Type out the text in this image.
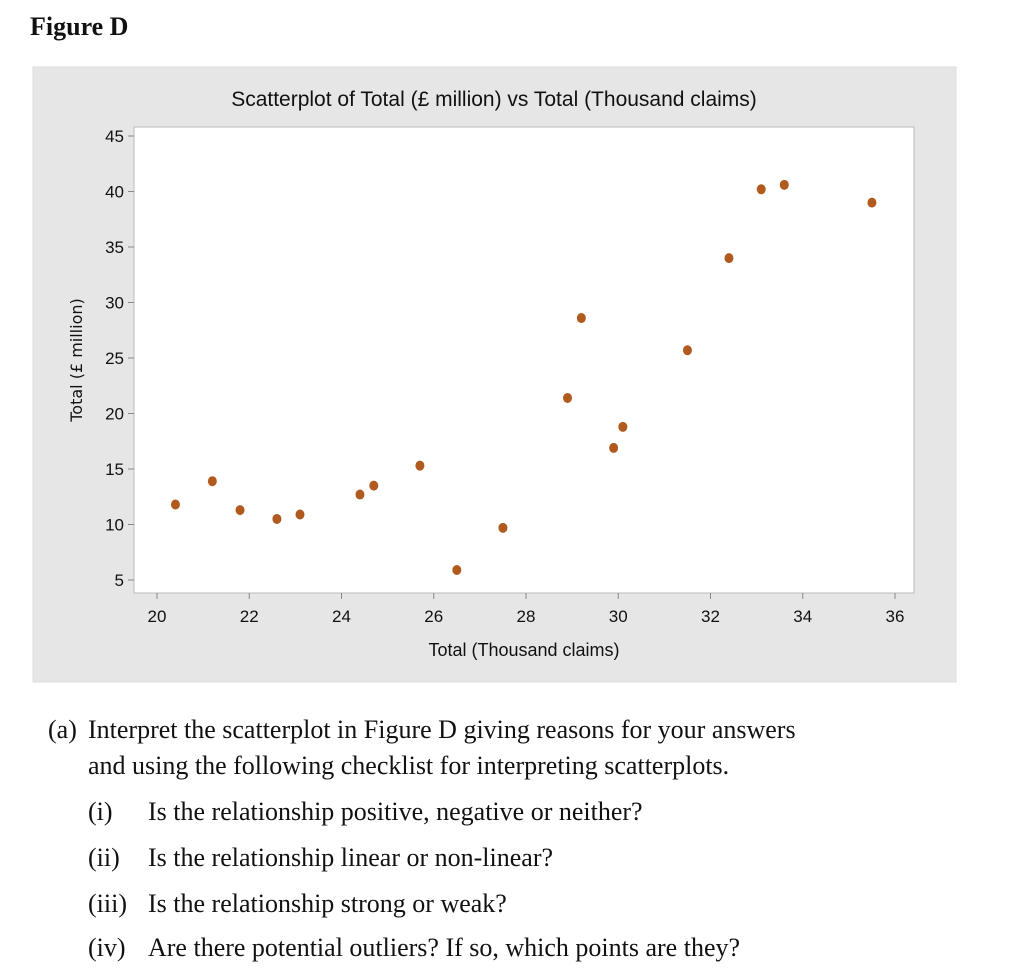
Figure D
Scatterplot of Total (£ million) vs Total (Thousand claims)
Total (Thousand claims)
Total (£ million)
20	22	24	26	28	30	32	34	36
5
10
15
20
25
30
35
40
45
(a) Interpret the scatterplot in Figure D giving reasons for your answers
and using the following checklist for interpreting scatterplots.
(i) Is the relationship positive, negative or neither?
(ii) Is the relationship linear or non-linear?
(iii) Is the relationship strong or weak?
(iv) Are there potential outliers? If so, which points are they?
